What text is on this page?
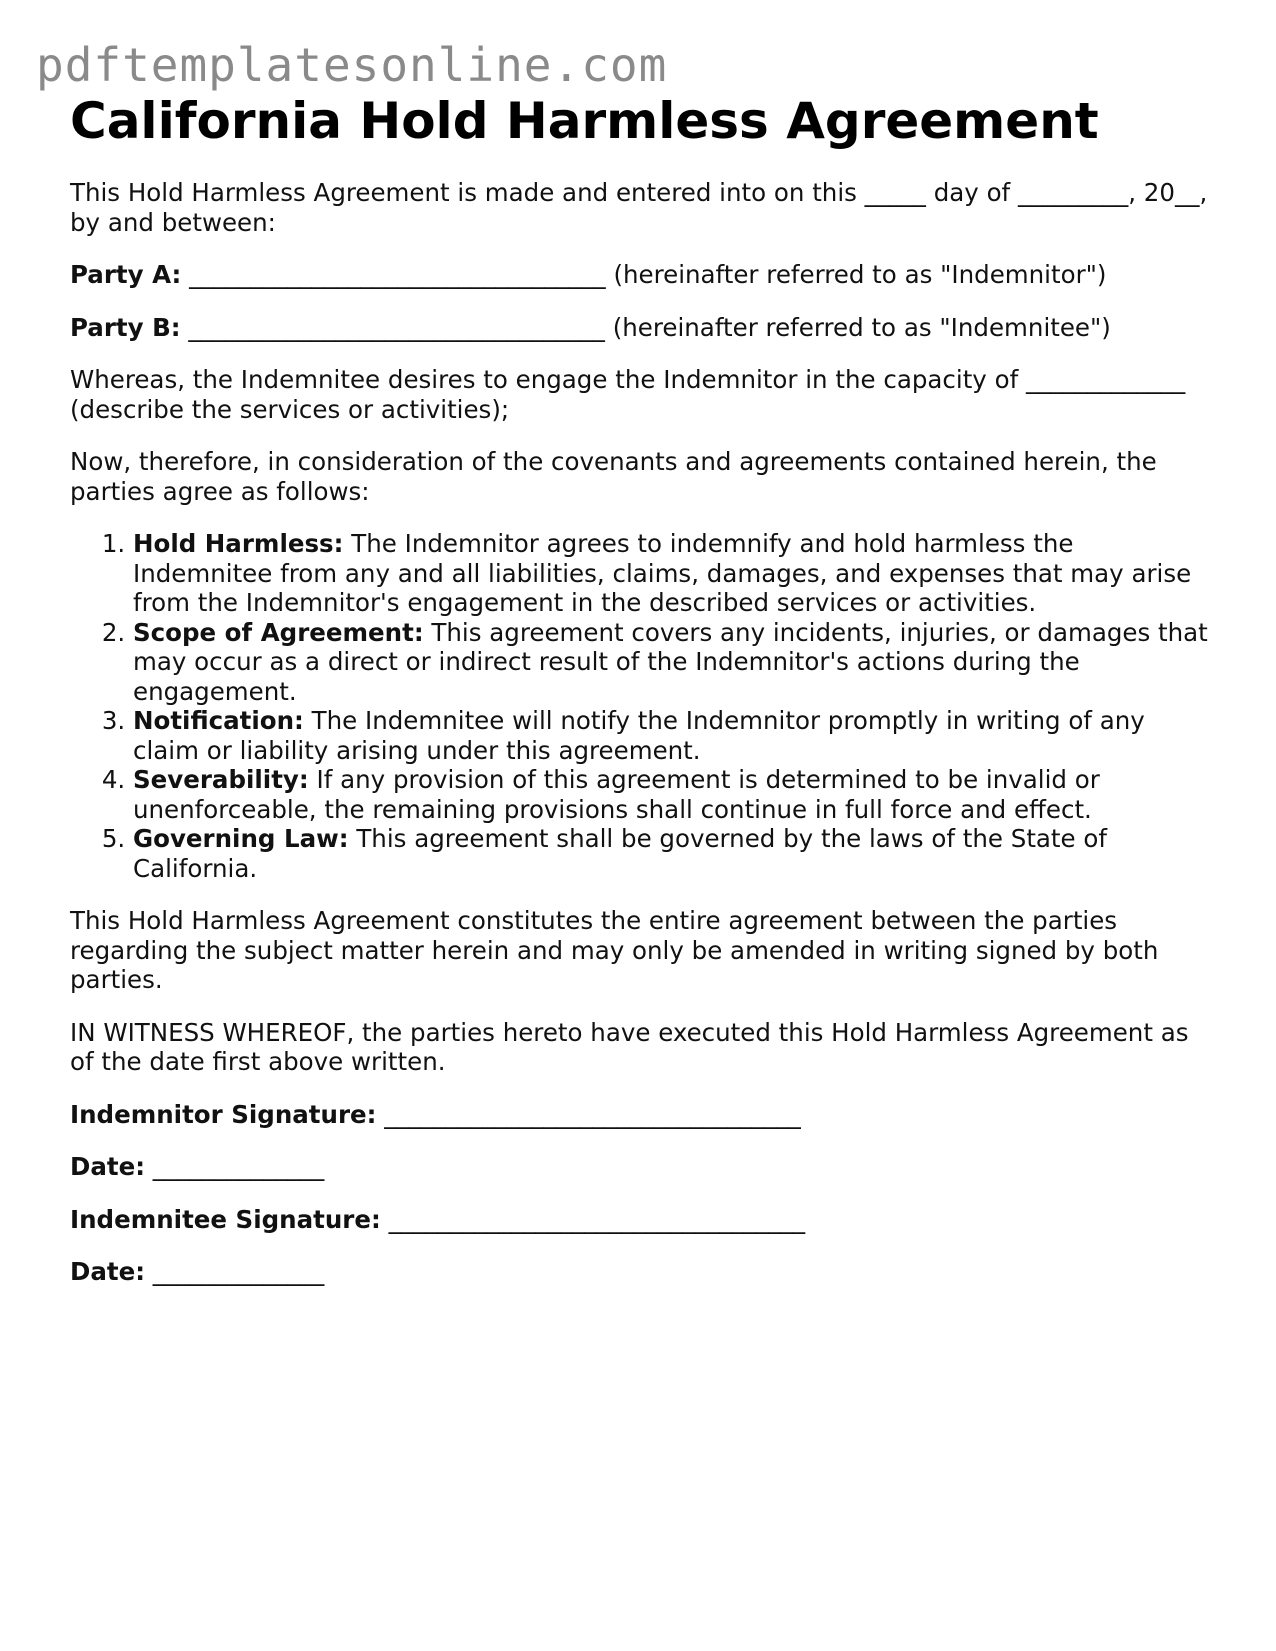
pdftemplatesonline.com
California Hold Harmless Agreement

This Hold Harmless Agreement is made and entered into on this _____ day of _________, 20__, by and between:

Party A: __________________________________ (hereinafter referred to as "Indemnitor")

Party B: __________________________________ (hereinafter referred to as "Indemnitee")

Whereas, the Indemnitee desires to engage the Indemnitor in the capacity of _____________ (describe the services or activities);

Now, therefore, in consideration of the covenants and agreements contained herein, the parties agree as follows:

1. Hold Harmless: The Indemnitor agrees to indemnify and hold harmless the Indemnitee from any and all liabilities, claims, damages, and expenses that may arise from the Indemnitor's engagement in the described services or activities.
2. Scope of Agreement: This agreement covers any incidents, injuries, or damages that may occur as a direct or indirect result of the Indemnitor's actions during the engagement.
3. Notification: The Indemnitee will notify the Indemnitor promptly in writing of any claim or liability arising under this agreement.
4. Severability: If any provision of this agreement is determined to be invalid or unenforceable, the remaining provisions shall continue in full force and effect.
5. Governing Law: This agreement shall be governed by the laws of the State of California.

This Hold Harmless Agreement constitutes the entire agreement between the parties regarding the subject matter herein and may only be amended in writing signed by both parties.

IN WITNESS WHEREOF, the parties hereto have executed this Hold Harmless Agreement as of the date first above written.

Indemnitor Signature: __________________________________

Date: ______________

Indemnitee Signature: __________________________________

Date: ______________
